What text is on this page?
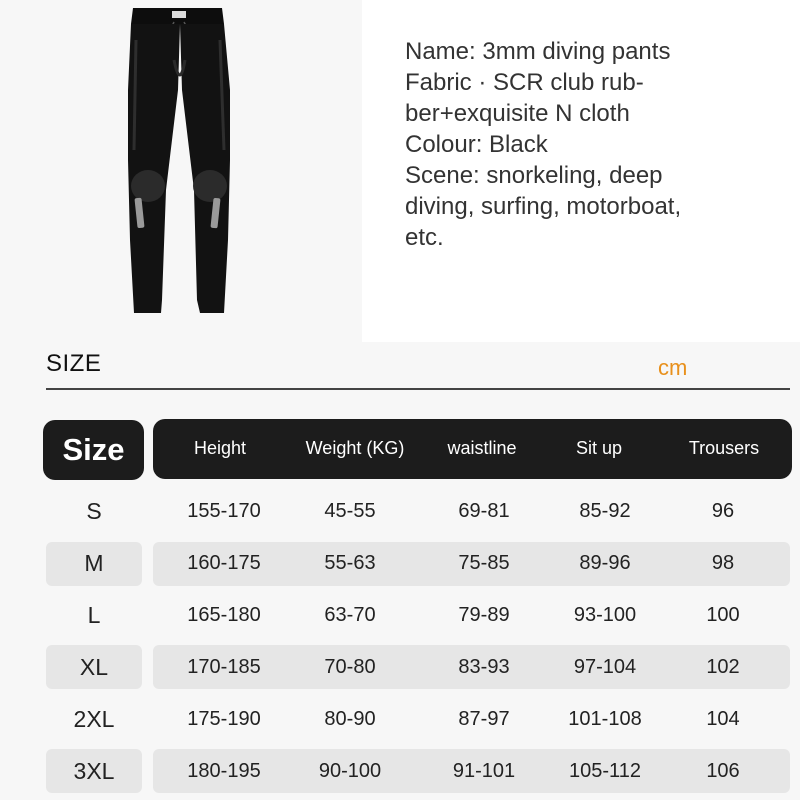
Name: 3mm diving pants
Fabric · SCR club rub-
ber+exquisite N cloth
Colour: Black
Scene: snorkeling, deep
diving, surfing, motorboat,
etc.
SIZE	cm
Size	Height	Weight (KG)	waistline	Sit up	Trousers
S	155-170	45-55	69-81	85-92	96
M	160-175	55-63	75-85	89-96	98
L	165-180	63-70	79-89	93-100	100
XL	170-185	70-80	83-93	97-104	102
2XL	175-190	80-90	87-97	101-108	104
3XL	180-195	90-100	91-101	105-112	106
